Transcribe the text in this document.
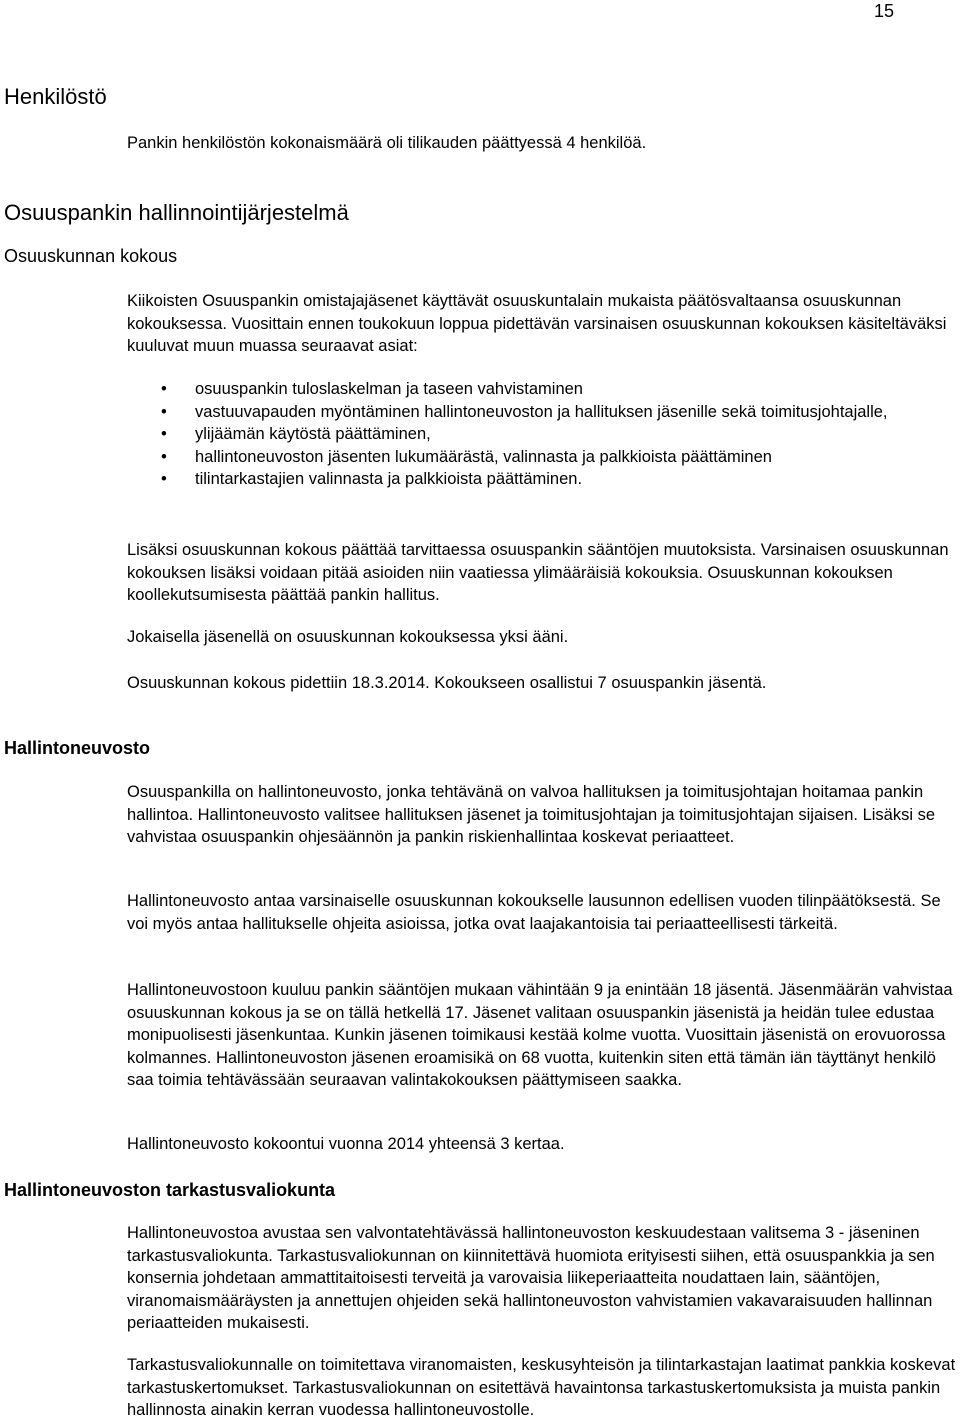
15
Henkilöstö
Pankin henkilöstön kokonaismäärä oli tilikauden päättyessä 4 henkilöä.
Osuuspankin hallinnointijärjestelmä
Osuuskunnan kokous
Kiikoisten Osuuspankin omistajajäsenet käyttävät osuuskuntalain mukaista päätösvaltaansa osuuskunnan kokouksessa. Vuosittain ennen toukokuun loppua pidettävän varsinaisen osuuskunnan kokouksen käsiteltäväksi kuuluvat muun muassa seuraavat asiat:
• osuuspankin tuloslaskelman ja taseen vahvistaminen
• vastuuvapauden myöntäminen hallintoneuvoston ja hallituksen jäsenille sekä toimitusjohtajalle,
• ylijäämän käytöstä päättäminen,
• hallintoneuvoston jäsenten lukumäärästä, valinnasta ja palkkioista päättäminen
• tilintarkastajien valinnasta ja palkkioista päättäminen.
Lisäksi osuuskunnan kokous päättää tarvittaessa osuuspankin sääntöjen muutoksista. Varsinaisen osuuskunnan kokouksen lisäksi voidaan pitää asioiden niin vaatiessa ylimääräisiä kokouksia. Osuuskunnan kokouksen koollekutsumisesta päättää pankin hallitus.
Jokaisella jäsenellä on osuuskunnan kokouksessa yksi ääni.
Osuuskunnan kokous pidettiin 18.3.2014. Kokoukseen osallistui 7 osuuspankin jäsentä.
Hallintoneuvosto
Osuuspankilla on hallintoneuvosto, jonka tehtävänä on valvoa hallituksen ja toimitusjohtajan hoitamaa pankin hallintoa. Hallintoneuvosto valitsee hallituksen jäsenet ja toimitusjohtajan ja toimitusjohtajan sijaisen. Lisäksi se vahvistaa osuuspankin ohjesäännön ja pankin riskienhallintaa koskevat periaatteet.
Hallintoneuvosto antaa varsinaiselle osuuskunnan kokoukselle lausunnon edellisen vuoden tilinpäätöksestä. Se voi myös antaa hallitukselle ohjeita asioissa, jotka ovat laajakantoisia tai periaatteellisesti tärkeitä.
Hallintoneuvostoon kuuluu pankin sääntöjen mukaan vähintään 9 ja enintään 18 jäsentä. Jäsenmäärän vahvistaa osuuskunnan kokous ja se on tällä hetkellä 17. Jäsenet valitaan osuuspankin jäsenistä ja heidän tulee edustaa monipuolisesti jäsenkuntaa. Kunkin jäsenen toimikausi kestää kolme vuotta. Vuosittain jäsenistä on erovuorossa kolmannes. Hallintoneuvoston jäsenen eroamisikä on 68 vuotta, kuitenkin siten että tämän iän täyttänyt henkilö saa toimia tehtävässään seuraavan valintakokouksen päättymiseen saakka.
Hallintoneuvosto kokoontui vuonna 2014 yhteensä 3 kertaa.
Hallintoneuvoston tarkastusvaliokunta
Hallintoneuvostoa avustaa sen valvontatehtävässä hallintoneuvoston keskuudestaan valitsema 3 - jäseninen tarkastusvaliokunta. Tarkastusvaliokunnan on kiinnitettävä huomiota erityisesti siihen, että osuuspankkia ja sen konsernia johdetaan ammattitaitoisesti terveitä ja varovaisia liikeperiaatteita noudattaen lain, sääntöjen, viranomaismääräysten ja annettujen ohjeiden sekä hallintoneuvoston vahvistamien vakavaraisuuden hallinnan periaatteiden mukaisesti.
Tarkastusvaliokunnalle on toimitettava viranomaisten, keskusyhteisön ja tilintarkastajan laatimat pankkia koskevat tarkastuskertomukset. Tarkastusvaliokunnan on esitettävä havaintonsa tarkastuskertomuksista ja muista pankin hallinnosta ainakin kerran vuodessa hallintoneuvostolle.
